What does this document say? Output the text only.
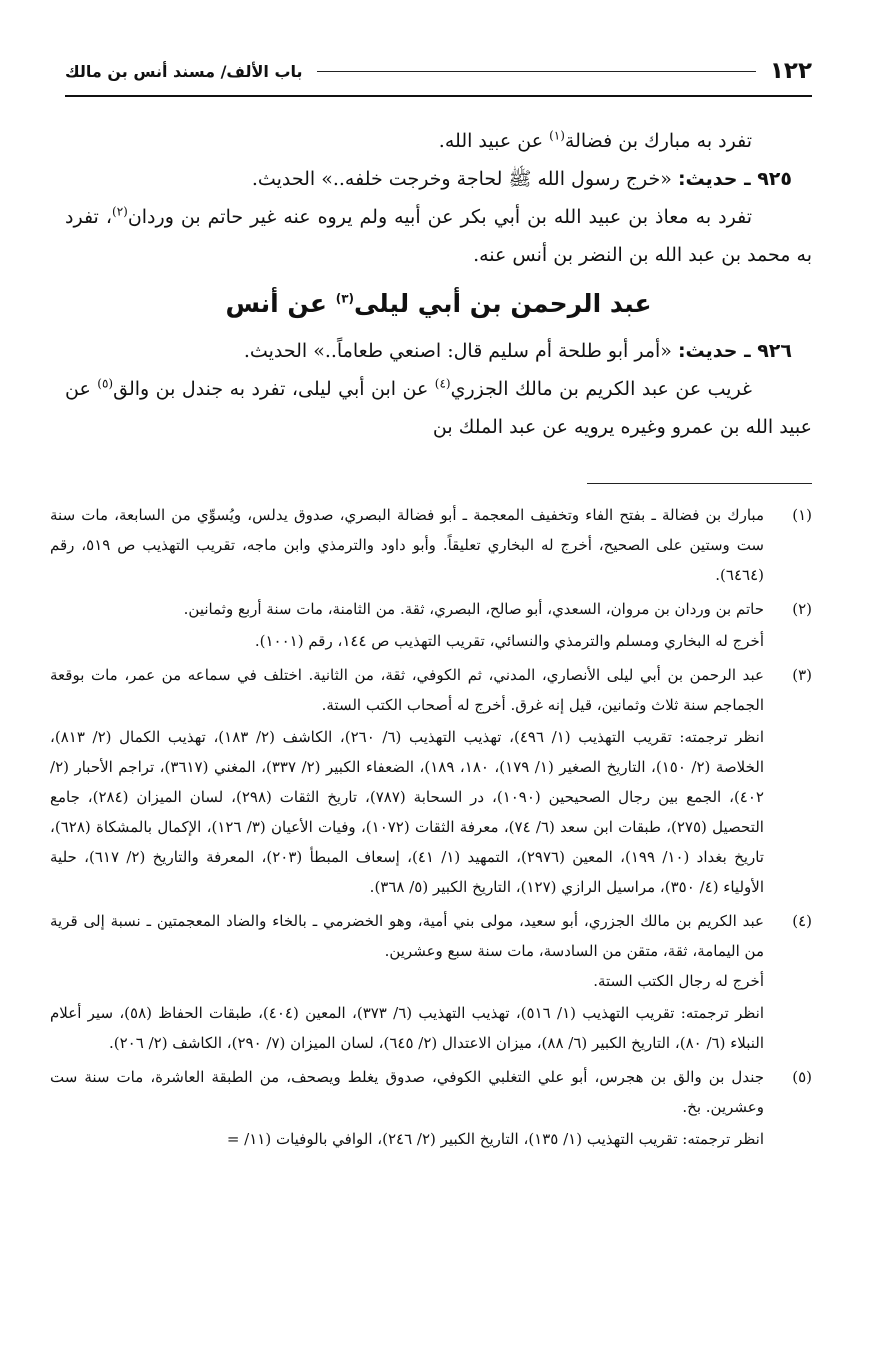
١٢٢
باب الألف/ مسند أنس بن مالك

تفرد به مبارك بن فضالة$^{(١)}$ عن عبيد الله.

٩٢٥ ـ حديث: «خرج رسول الله ﷺ لحاجة وخرجت خلفه..» الحديث.

تفرد به معاذ بن عبيد الله بن أبي بكر عن أبيه ولم يروه عنه غير حاتم بن وردان$^{(٢)}$، تفرد به محمد بن عبد الله بن النضر بن أنس عنه.

عبد الرحمن بن أبي ليلى$^{(٣)}$ عن أنس

٩٢٦ ـ حديث: «أمر أبو طلحة أم سليم قال: اصنعي طعاماً..» الحديث.

غريب عن عبد الكريم بن مالك الجزري$^{(٤)}$ عن ابن أبي ليلى، تفرد به جندل بن والق$^{(٥)}$ عن عبيد الله بن عمرو وغيره يرويه عن عبد الملك بن

(١)

مبارك بن فضالة ـ بفتح الفاء وتخفيف المعجمة ـ أبو فضالة البصري، صدوق يدلس، ويُسوِّي من السابعة، مات سنة ست وستين على الصحيح، أخرج له البخاري تعليقاً. وأبو داود والترمذي وابن ماجه، تقريب التهذيب ص ٥١٩، رقم (٦٤٦٤).

(٢)

حاتم بن وردان بن مروان، السعدي، أبو صالح، البصري، ثقة. من الثامنة، مات سنة أربع وثمانين.

أخرج له البخاري ومسلم والترمذي والنسائي، تقريب التهذيب ص ١٤٤، رقم (١٠٠١).

(٣)

عبد الرحمن بن أبي ليلى الأنصاري، المدني، ثم الكوفي، ثقة، من الثانية. اختلف في سماعه من عمر، مات بوقعة الجماجم سنة ثلاث وثمانين، قيل إنه غرق. أخرج له أصحاب الكتب الستة.

انظر ترجمته: تقريب التهذيب (١/ ٤٩٦)، تهذيب التهذيب (٦/ ٢٦٠)، الكاشف (٢/ ١٨٣)، تهذيب الكمال (٢/ ٨١٣)، الخلاصة (٢/ ١٥٠)، التاريخ الصغير (١/ ١٧٩)، ١٨٠، ١٨٩)، الضعفاء الكبير (٢/ ٣٣٧)، المغني (٣٦١٧)، تراجم الأحبار (٢/ ٤٠٢)، الجمع بين رجال الصحيحين (١٠٩٠)، در السحابة (٧٨٧)، تاريخ الثقات (٢٩٨)، لسان الميزان (٢٨٤)، جامع التحصيل (٢٧٥)، طبقات ابن سعد (٦/ ٧٤)، معرفة الثقات (١٠٧٢)، وفيات الأعيان (٣/ ١٢٦)، الإكمال بالمشكاة (٦٢٨)، تاريخ بغداد (١٠/ ١٩٩)، المعين (٢٩٧٦)، التمهيد (١/ ٤١)، إسعاف المبطأ (٢٠٣)، المعرفة والتاريخ (٢/ ٦١٧)، حلية الأولياء (٤/ ٣٥٠)، مراسيل الرازي (١٢٧)، التاريخ الكبير (٥/ ٣٦٨).

(٤)

عبد الكريم بن مالك الجزري، أبو سعيد، مولى بني أمية، وهو الخضرمي ـ بالخاء والضاد المعجمتين ـ نسبة إلى قرية من اليمامة، ثقة، متقن من السادسة، مات سنة سبع وعشرين.

أخرج له رجال الكتب الستة.

انظر ترجمته: تقريب التهذيب (١/ ٥١٦)، تهذيب التهذيب (٦/ ٣٧٣)، المعين (٤٠٤)، طبقات الحفاظ (٥٨)، سير أعلام النبلاء (٦/ ٨٠)، التاريخ الكبير (٦/ ٨٨)، ميزان الاعتدال (٢/ ٦٤٥)، لسان الميزان (٧/ ٢٩٠)، الكاشف (٢/ ٢٠٦).

(٥)

جندل بن والق بن هجرس، أبو علي التغلبي الكوفي، صدوق يغلط ويصحف، من الطبقة العاشرة، مات سنة ست وعشرين. بخ.

انظر ترجمته: تقريب التهذيب (١/ ١٣٥)، التاريخ الكبير (٢/ ٢٤٦)، الوافي بالوفيات (١١/ =
